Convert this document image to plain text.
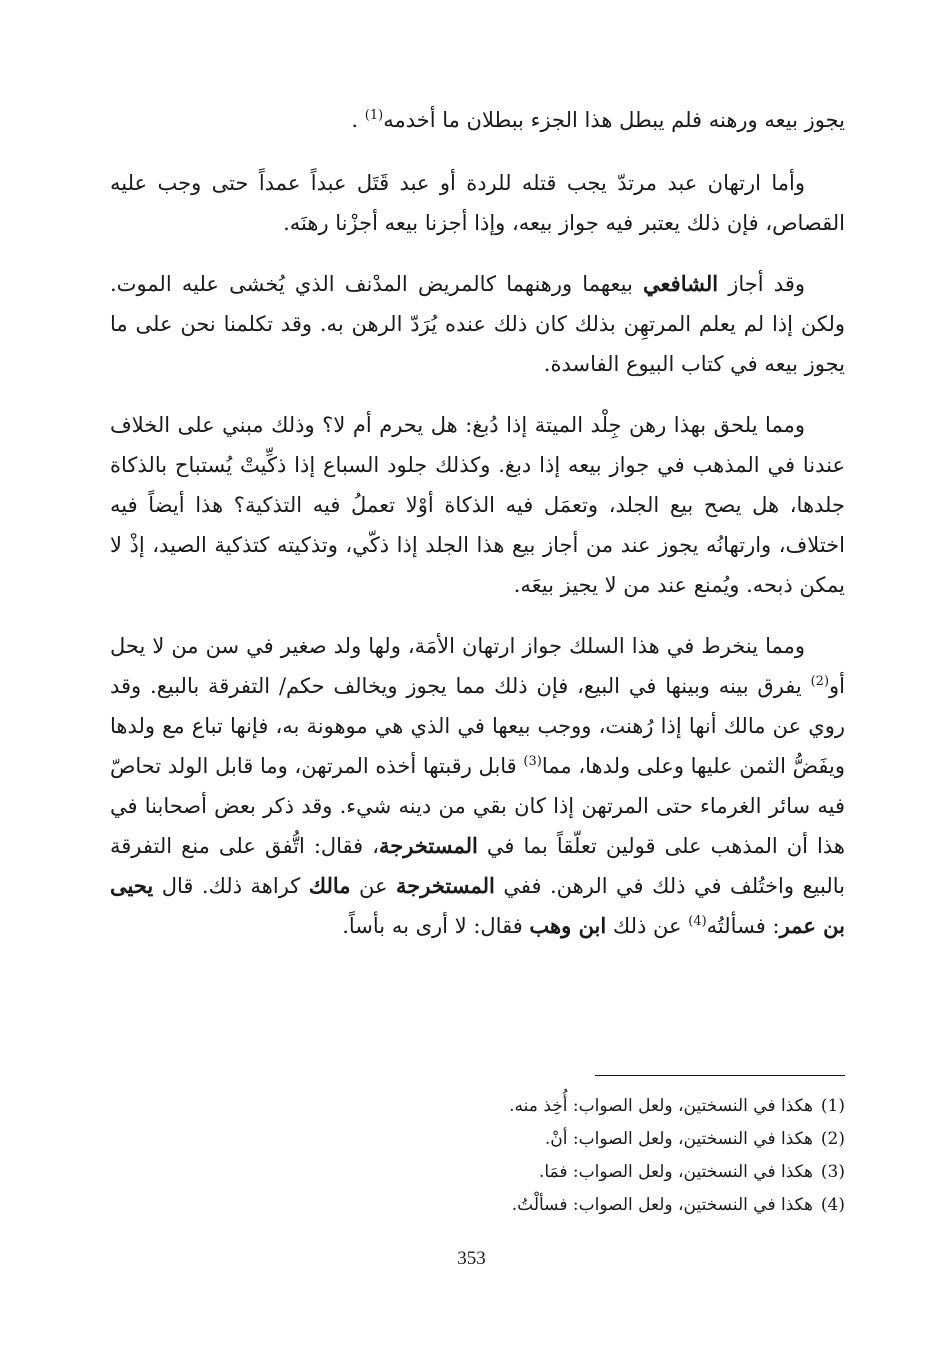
يجوز بيعه ورهنه فلم يبطل هذا الجزء ببطلان ما أخدمه$^{(1)}$ .

وأما ارتهان عبد مرتدّ يجب قتله للردة أو عبد قَتَل عبداً عمداً حتى وجب عليه القصاص، فإن ذلك يعتبر فيه جواز بيعه، وإذا أجزنا بيعه أجزْنا رهنَه.

وقد أجاز الشافعي بيعهما ورهنهما كالمريض المدْنف الذي يُخشى عليه الموت. ولكن إذا لم يعلم المرتهِن بذلك كان ذلك عنده يُرَدّ الرهن به. وقد تكلمنا نحن على ما يجوز بيعه في كتاب البيوع الفاسدة.

ومما يلحق بهذا رهن جِلْد الميتة إذا دُبغ: هل يحرم أم لا؟ وذلك مبني على الخلاف عندنا في المذهب في جواز بيعه إذا دبغ. وكذلك جلود السباع إذا ذكِّيتْ يُستباح بالذكاة جلدها، هل يصح بيع الجلد، وتعمَل فيه الذكاة أوْلا تعملُ فيه التذكية؟ هذا أيضاً فيه اختلاف، وارتهانُه يجوز عند من أجاز بيع هذا الجلد إذا ذكّي، وتذكيته كتذكية الصيد، إذْ لا يمكن ذبحه. ويُمنع عند من لا يجيز بيعَه.

ومما ينخرط في هذا السلك جواز ارتهان الأمَة، ولها ولد صغير في سن من لا يحل أو$^{(2)}$ يفرق بينه وبينها في البيع، فإن ذلك مما يجوز ويخالف حكم/ التفرقة بالبيع. وقد روي عن مالك أنها إذا رُهنت، ووجب بيعها في الذي هي موهونة به، فإنها تباع مع ولدها ويفَضُّ الثمن عليها وعلى ولدها، مما$^{(3)}$ قابل رقبتها أخذه المرتهن، وما قابل الولد تحاصّ فيه سائر الغرماء حتى المرتهن إذا كان بقي من دينه شيء. وقد ذكر بعض أصحابنا في هذا أن المذهب على قولين تعلّقاً بما في المستخرجة، فقال: اتُّفق على منع التفرقة بالبيع واختُلف في ذلك في الرهن. ففي المستخرجة عن مالك كراهة ذلك. قال يحيى بن عمر: فسألتُه$^{(4)}$ عن ذلك ابن وهب فقال: لا أرى به بأساً.

(1)هكذا في النسختين، ولعل الصواب: أُخِذ منه.

(2)هكذا في النسختين، ولعل الصواب: أنْ.

(3)هكذا في النسختين، ولعل الصواب: فمَا.

(4)هكذا في النسختين، ولعل الصواب: فسألْتُ.

353
